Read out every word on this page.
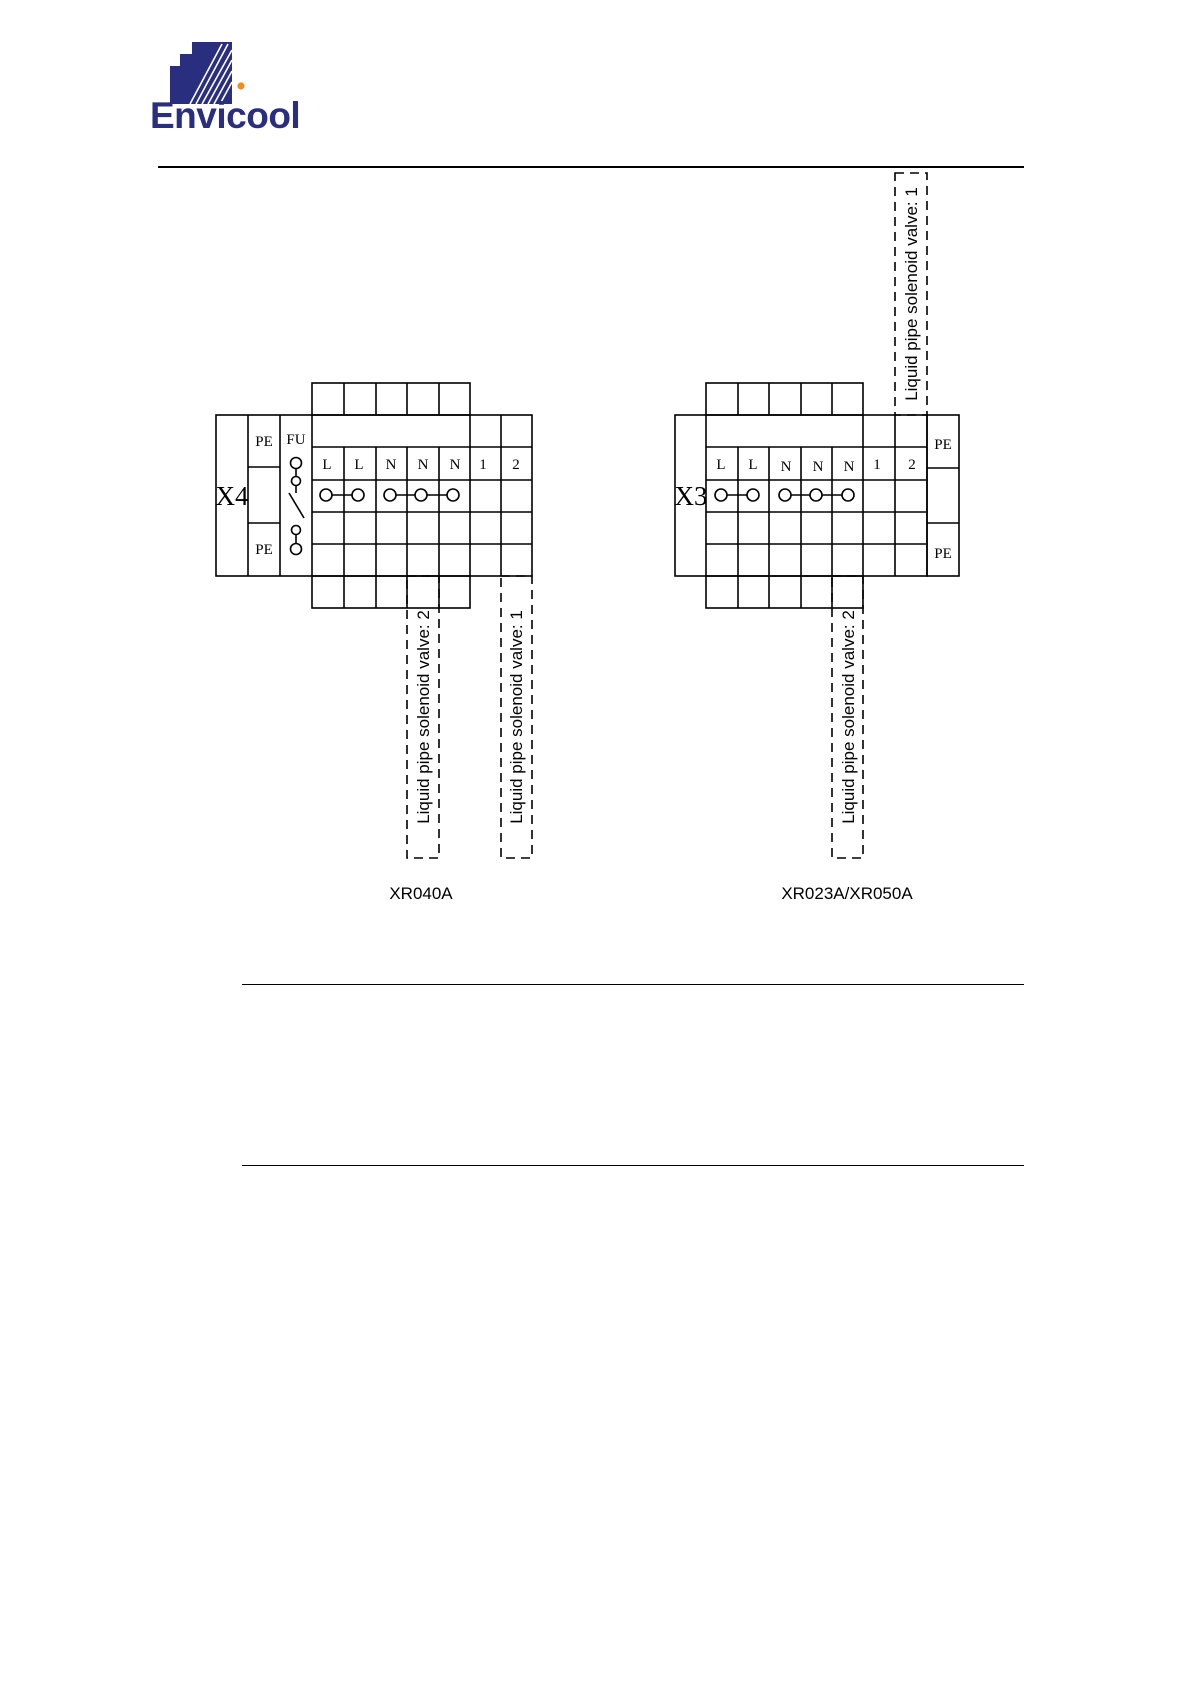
Envicool
X4
PE
PE
FU
L L N N N 1 2
Liquid pipe solenoid valve: 2	Liquid pipe solenoid valve: 1
XR040A
X3
L L N N N 1 2
PE
PE
Liquid pipe solenoid valve: 1
Liquid pipe solenoid valve: 2
XR023A/XR050A
